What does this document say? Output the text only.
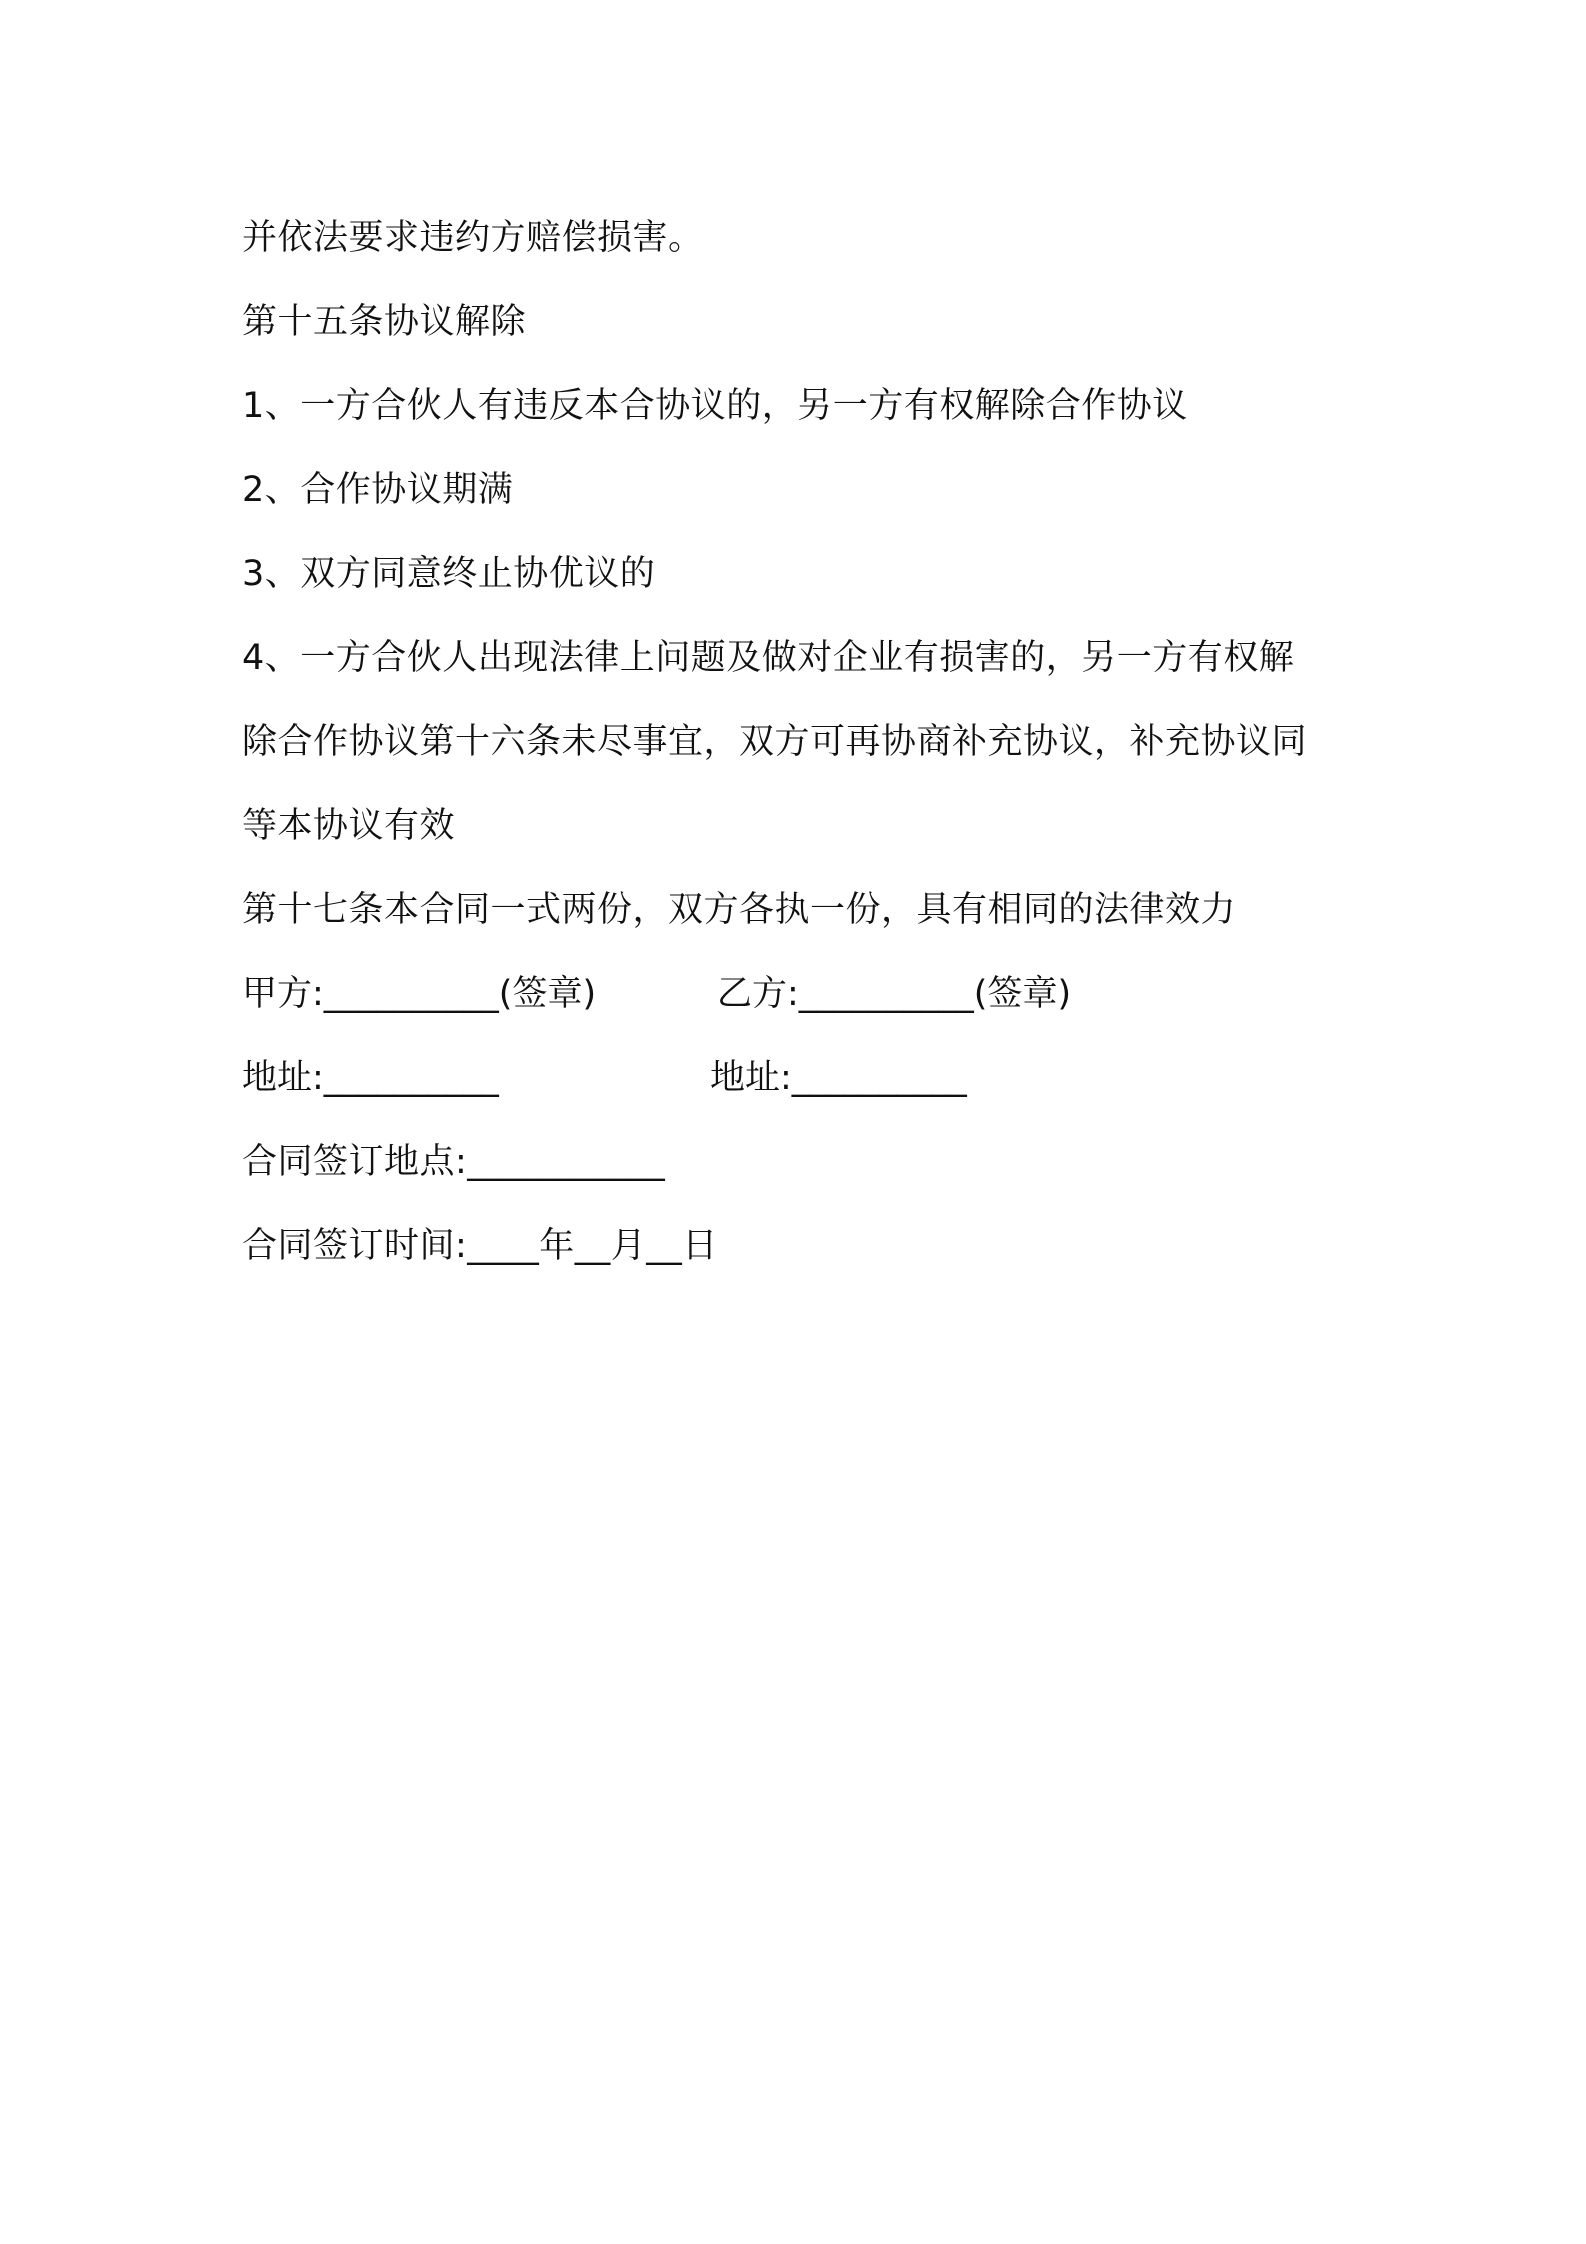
并依法要求违约方赔偿损害。
第十五条协议解除
1、一方合伙人有违反本合协议的，另一方有权解除合作协议
2、合作协议期满
3、双方同意终止协优议的
4、一方合伙人出现法律上问题及做对企业有损害的，另一方有权解
除合作协议第十六条未尽事宜，双方可再协商补充协议，补充协议同
等本协议有效
第十七条本合同一式两份，双方各执一份，具有相同的法律效力
甲方:__________(签章)	乙方:__________(签章)
地址:__________	地址:__________
合同签订地点:___________
合同签订时间:____年__月__日
